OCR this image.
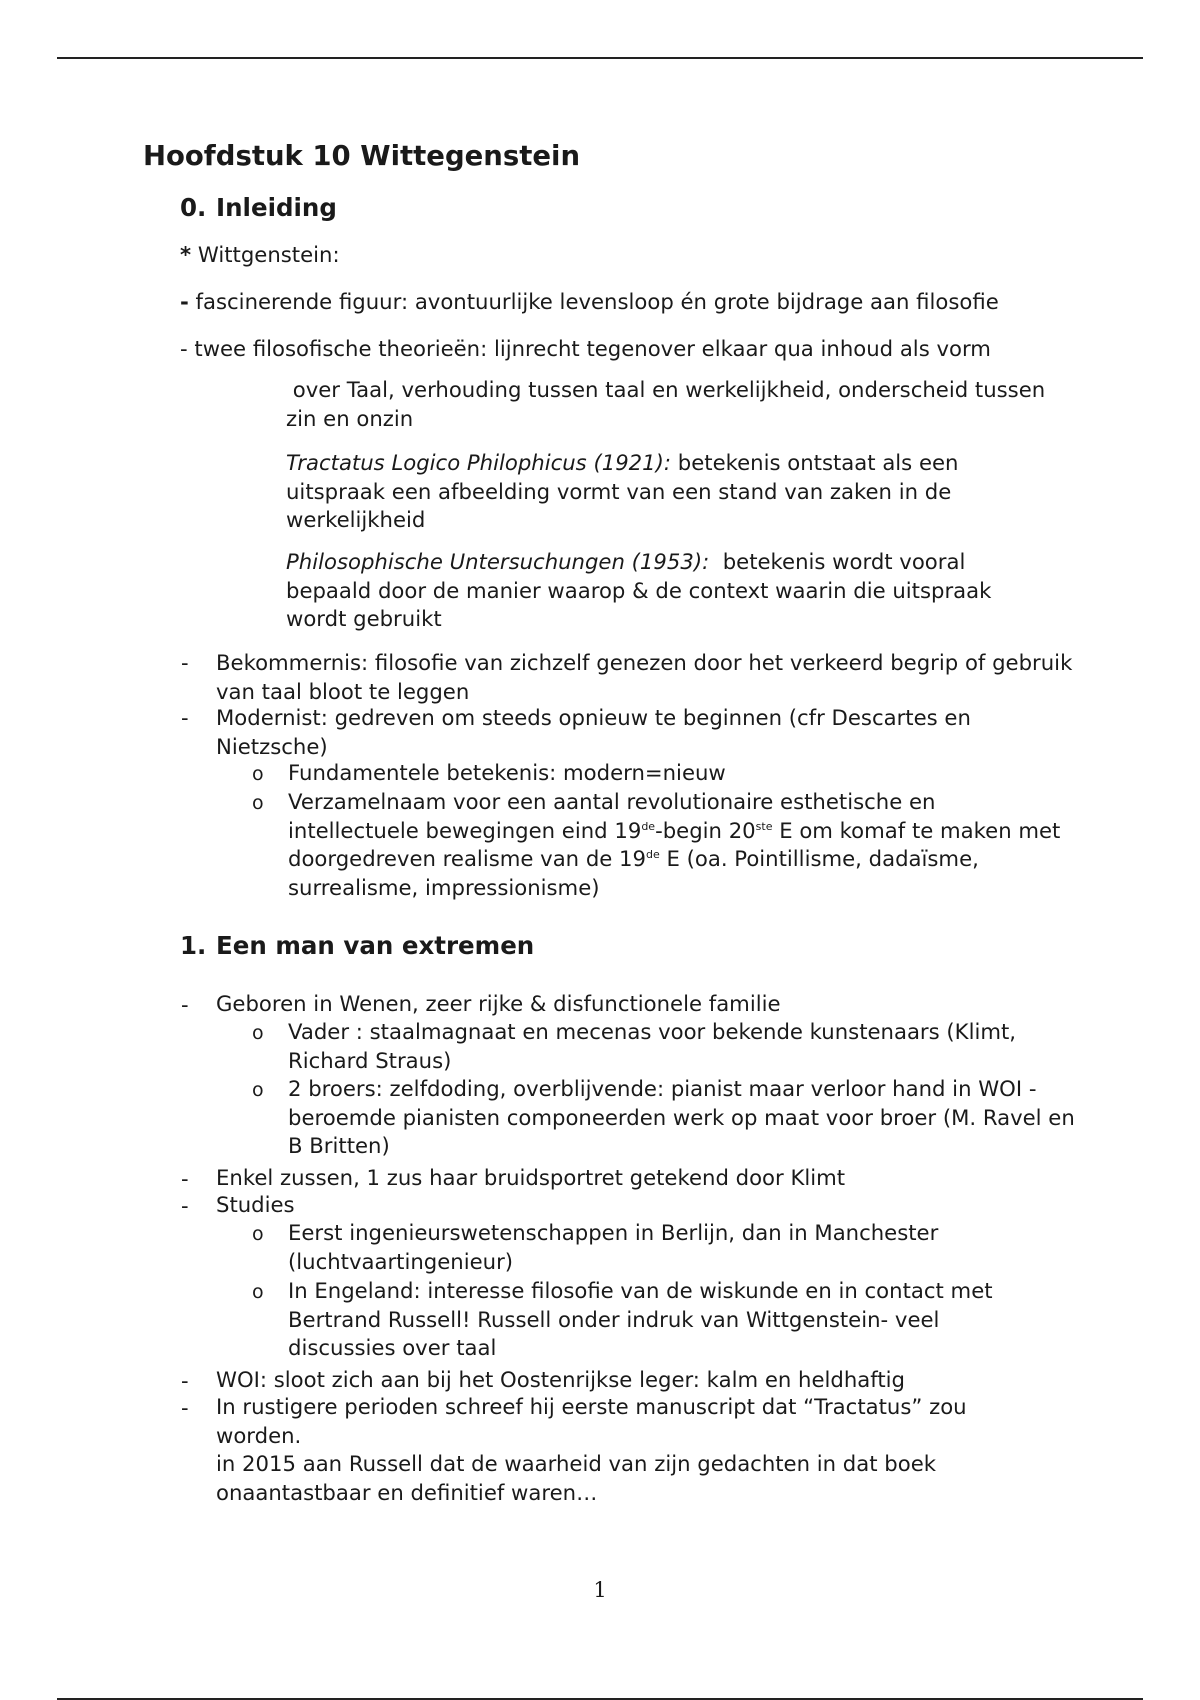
Hoofdstuk 10 Wittegenstein
0. Inleiding

* Wittgenstein:

- fascinerende figuur: avontuurlijke levensloop én grote bijdrage aan filosofie

- twee filosofische theorieën: lijnrecht tegenover elkaar qua inhoud als vorm

over Taal, verhouding tussen taal en werkelijkheid, onderscheid tussen zin en onzin

Tractatus Logico Philophicus (1921): betekenis ontstaat als een uitspraak een afbeelding vormt van een stand van zaken in de werkelijkheid

Philosophische Untersuchungen (1953): betekenis wordt vooral bepaald door de manier waarop & de context waarin die uitspraak wordt gebruikt

- Bekommernis: filosofie van zichzelf genezen door het verkeerd begrip of gebruik van taal bloot te leggen

- Modernist: gedreven om steeds opnieuw te beginnen (cfr Descartes en Nietzsche)

o Fundamentele betekenis: modern=nieuw

o Verzamelnaam voor een aantal revolutionaire esthetische en intellectuele bewegingen eind 19de-begin 20ste E om komaf te maken met doorgedreven realisme van de 19de E (oa. Pointillisme, dadaïsme, surrealisme, impressionisme)

1. Een man van extremen
- Geboren in Wenen, zeer rijke & disfunctionele familie

o Vader : staalmagnaat en mecenas voor bekende kunstenaars (Klimt, Richard Straus)

o 2 broers: zelfdoding, overblijvende: pianist maar verloor hand in WOI -beroemde pianisten componeerden werk op maat voor broer (M. Ravel en B Britten)

- Enkel zussen, 1 zus haar bruidsportret getekend door Klimt

- Studies

o Eerst ingenieurswetenschappen in Berlijn, dan in Manchester (luchtvaartingenieur)

o In Engeland: interesse filosofie van de wiskunde en in contact met Bertrand Russell! Russell onder indruk van Wittgenstein- veel discussies over taal

- WOI: sloot zich aan bij het Oostenrijkse leger: kalm en heldhaftig

- In rustigere perioden schreef hij eerste manuscript dat “Tractatus” zou worden.

in 2015 aan Russell dat de waarheid van zijn gedachten in dat boek onaantastbaar en definitief waren…

1
